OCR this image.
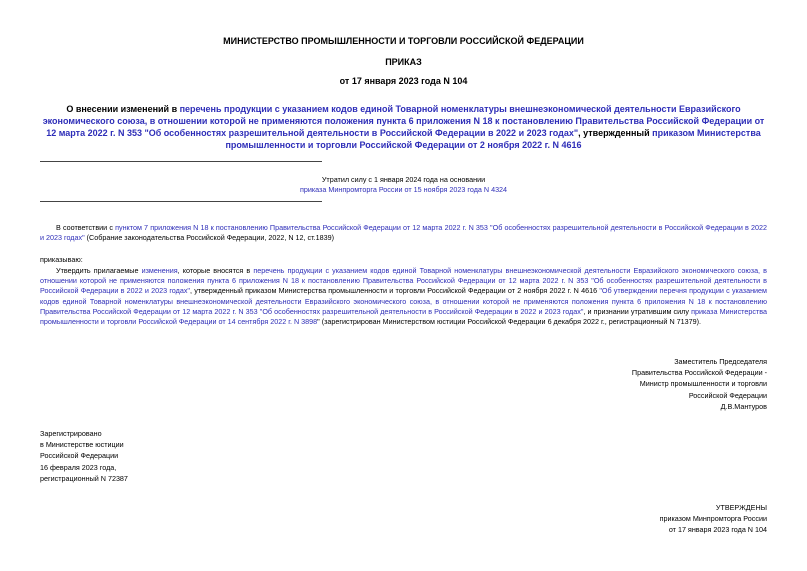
МИНИСТЕРСТВО ПРОМЫШЛЕННОСТИ И ТОРГОВЛИ РОССИЙСКОЙ ФЕДЕРАЦИИ
ПРИКАЗ
от 17 января 2023 года N 104
О внесении изменений в перечень продукции с указанием кодов единой Товарной номенклатуры внешнеэкономической деятельности Евразийского экономического союза, в отношении которой не применяются положения пункта 6 приложения N 18 к постановлению Правительства Российской Федерации от 12 марта 2022 г. N 353 "Об особенностях разрешительной деятельности в Российской Федерации в 2022 и 2023 годах", утвержденный приказом Министерства промышленности и торговли Российской Федерации от 2 ноября 2022 г. N 4616
Утратил силу с 1 января 2024 года на основании
приказа Минпромторга России от 15 ноября 2023 года N 4324
В соответствии с пунктом 7 приложения N 18 к постановлению Правительства Российской Федерации от 12 марта 2022 г. N 353 "Об особенностях разрешительной деятельности в Российской Федерации в 2022 и 2023 годах" (Собрание законодательства Российской Федерации, 2022, N 12, ст.1839)
приказываю:
Утвердить прилагаемые изменения, которые вносятся в перечень продукции с указанием кодов единой Товарной номенклатуры внешнеэкономической деятельности Евразийского экономического союза, в отношении которой не применяются положения пункта 6 приложения N 18 к постановлению Правительства Российской Федерации от 12 марта 2022 г. N 353 "Об особенностях разрешительной деятельности в Российской Федерации в 2022 и 2023 годах", утвержденный приказом Министерства промышленности и торговли Российской Федерации от 2 ноября 2022 г. N 4616 "Об утверждении перечня продукции с указанием кодов единой Товарной номенклатуры внешнеэкономической деятельности Евразийского экономического союза, в отношении которой не применяются положения пункта 6 приложения N 18 к постановлению Правительства Российской Федерации от 12 марта 2022 г. N 353 "Об особенностях разрешительной деятельности в Российской Федерации в 2022 и 2023 годах", и признании утратившим силу приказа Министерства промышленности и торговли Российской Федерации от 14 сентября 2022 г. N 3898" (зарегистрирован Министерством юстиции Российской Федерации 6 декабря 2022 г., регистрационный N 71379).
Заместитель Председателя
Правительства Российской Федерации -
Министр промышленности и торговли
Российской Федерации
Д.В.Мантуров
Зарегистрировано
в Министерстве юстиции
Российской Федерации
16 февраля 2023 года,
регистрационный N 72387
УТВЕРЖДЕНЫ
приказом Минпромторга России
от 17 января 2023 года N 104
